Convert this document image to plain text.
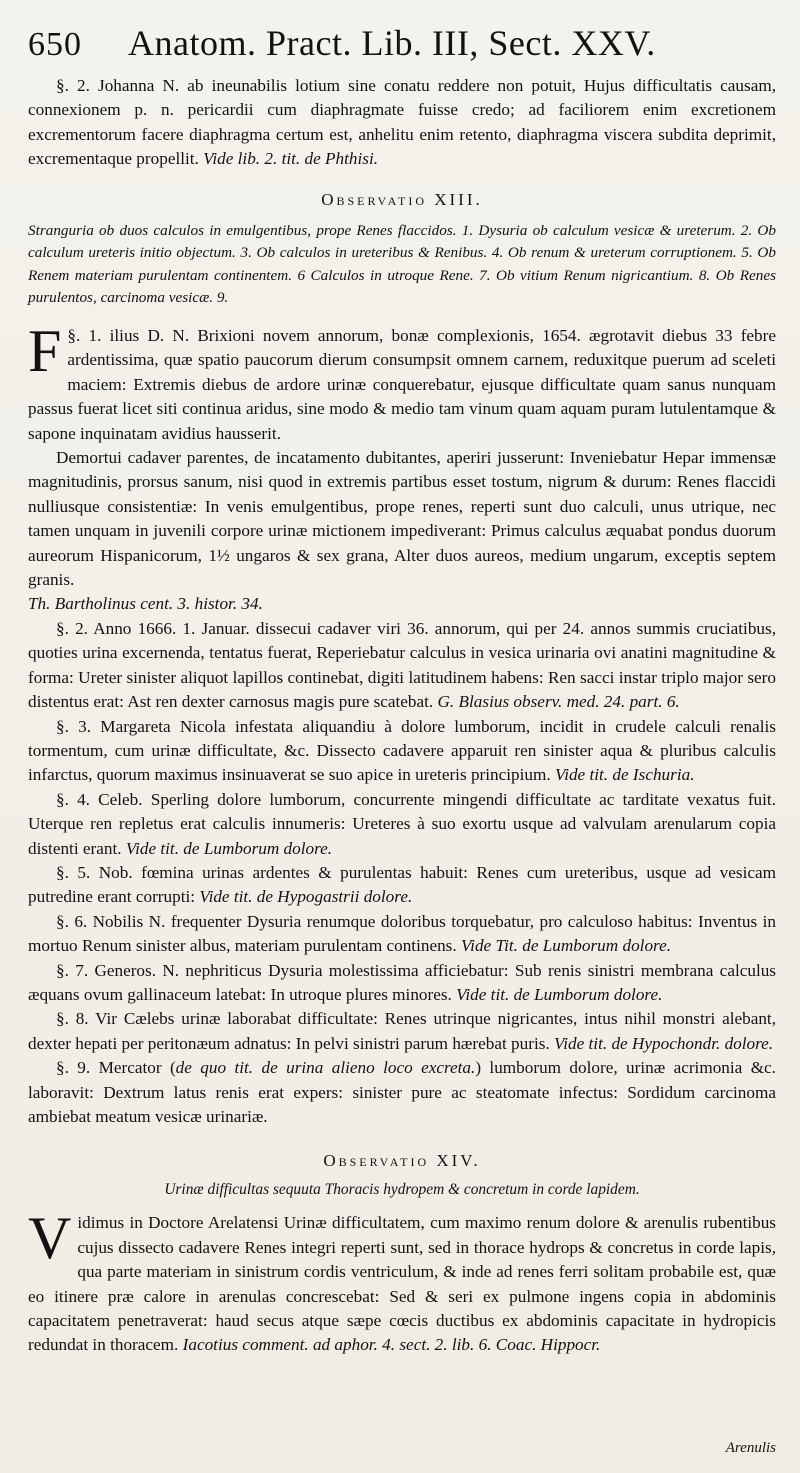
650 Anatom. Pract. Lib. III, Sect. XXV.

§. 2. Johanna N. ab ineunabilis lotium sine conatu reddere non potuit, Hujus difficultatis causam, connexionem p. n. pericardii cum diaphragmate fuisse credo; ad faciliorem enim excretionem excrementorum facere diaphragma certum est, anhelitu enim retento, diaphragma viscera subdita deprimit, excrementaque propellit. Vide lib. 2. tit. de Phthisi.

Observatio XIII.

Stranguria ob duos calculos in emulgentibus, prope Renes flaccidos. 1. Dysuria ob calculum vesicæ & ureterum. 2. Ob calculum ureteris initio objectum. 3. Ob calculos in ureteribus & Renibus. 4. Ob renum & ureterum corruptionem. 5. Ob Renem materiam purulentam continentem. 6 Calculos in utroque Rene. 7. Ob vitium Renum nigricantium. 8. Ob Renes purulentos, carcinoma vesicæ. 9.

§. 1.
F	ilius D. N. Brixioni novem annorum, bonæ complexionis, 1654. ægrotavit diebus 33 febre ardentissima, quæ spatio paucorum dierum consumpsit omnem carnem, reduxitque puerum ad sceleti maciem: Extremis diebus de ardore urinæ conquerebatur, ejusque difficultate quam sanus nunquam passus fuerat licet siti continua aridus, sine modo & medio tam vinum quam aquam puram lutulentamque & sapone inquinatam avidius hausserit.

Demortui cadaver parentes, de incatamento dubitantes, aperiri jusserunt: Inveniebatur Hepar immensæ magnitudinis, prorsus sanum, nisi quod in extremis partibus esset tostum, nigrum & durum: Renes flaccidi nulliusque consistentiæ: In venis emulgentibus, prope renes, reperti sunt duo calculi, unus utrique, nec tamen unquam in juvenili corpore urinæ mictionem impediverant: Primus calculus æquabat pondus duorum aureorum Hispanicorum, 1½ ungaros & sex grana, Alter duos aureos, medium ungarum, exceptis septem granis.

Th. Bartholinus cent. 3. histor. 34.

§. 2. Anno 1666. 1. Januar. dissecui cadaver viri 36. annorum, qui per 24. annos summis cruciatibus, quoties urina excernenda, tentatus fuerat, Reperiebatur calculus in vesica urinaria ovi anatini magnitudine & forma: Ureter sinister aliquot lapillos continebat, digiti latitudinem habens: Ren sacci instar triplo major sero distentus erat: Ast ren dexter carnosus magis pure scatebat. G. Blasius observ. med. 24. part. 6.

§. 3. Margareta Nicola infestata aliquandiu à dolore lumborum, incidit in crudele calculi renalis tormentum, cum urinæ difficultate, &c. Dissecto cadavere apparuit ren sinister aqua & pluribus calculis infarctus, quorum maximus insinuaverat se suo apice in ureteris principium. Vide tit. de Ischuria.

§. 4. Celeb. Sperling dolore lumborum, concurrente mingendi difficultate ac tarditate vexatus fuit. Uterque ren repletus erat calculis innumeris: Ureteres à suo exortu usque ad valvulam arenularum copia distenti erant. Vide tit. de Lumborum dolore.

§. 5. Nob. fœmina urinas ardentes & purulentas habuit: Renes cum ureteribus, usque ad vesicam putredine erant corrupti: Vide tit. de Hypogastrii dolore.

§. 6. Nobilis N. frequenter Dysuria renumque doloribus torquebatur, pro calculoso habitus: Inventus in mortuo Renum sinister albus, materiam purulentam continens. Vide Tit. de Lumborum dolore.

§. 7. Generos. N. nephriticus Dysuria molestissima afficiebatur: Sub renis sinistri membrana calculus æquans ovum gallinaceum latebat: In utroque plures minores. Vide tit. de Lumborum dolore.

§. 8. Vir Cælebs urinæ laborabat difficultate: Renes utrinque nigricantes, intus nihil monstri alebant, dexter hepati per peritonæum adnatus: In pelvi sinistri parum hærebat puris. Vide tit. de Hypochondr. dolore.

§. 9. Mercator (de quo tit. de urina alieno loco excreta.) lumborum dolore, urinæ acrimonia &c. laboravit: Dextrum latus renis erat expers: sinister pure ac steatomate infectus: Sordidum carcinoma ambiebat meatum vesicæ urinariæ.

Observatio XIV.
Urinæ difficultas sequuta Thoracis hydropem & concretum in corde lapidem.

Vidimus in Doctore Arelatensi Urinæ difficultatem, cum maximo renum dolore & arenulis rubentibus cujus dissecto cadavere Renes integri reperti sunt, sed in thorace hydrops & concretus in corde lapis, qua parte materiam in sinistrum cordis ventriculum, & inde ad renes ferri solitam probabile est, quæ eo itinere præ calore in arenulas concrescebat: Sed & seri ex pulmone ingens copia in abdominis capacitatem penetraverat: haud secus atque sæpe cœcis ductibus ex abdominis capacitate in hydropicis redundat in thoracem. Iacotius comment. ad aphor. 4. sect. 2. lib. 6. Coac. Hippocr.

Arenulis
